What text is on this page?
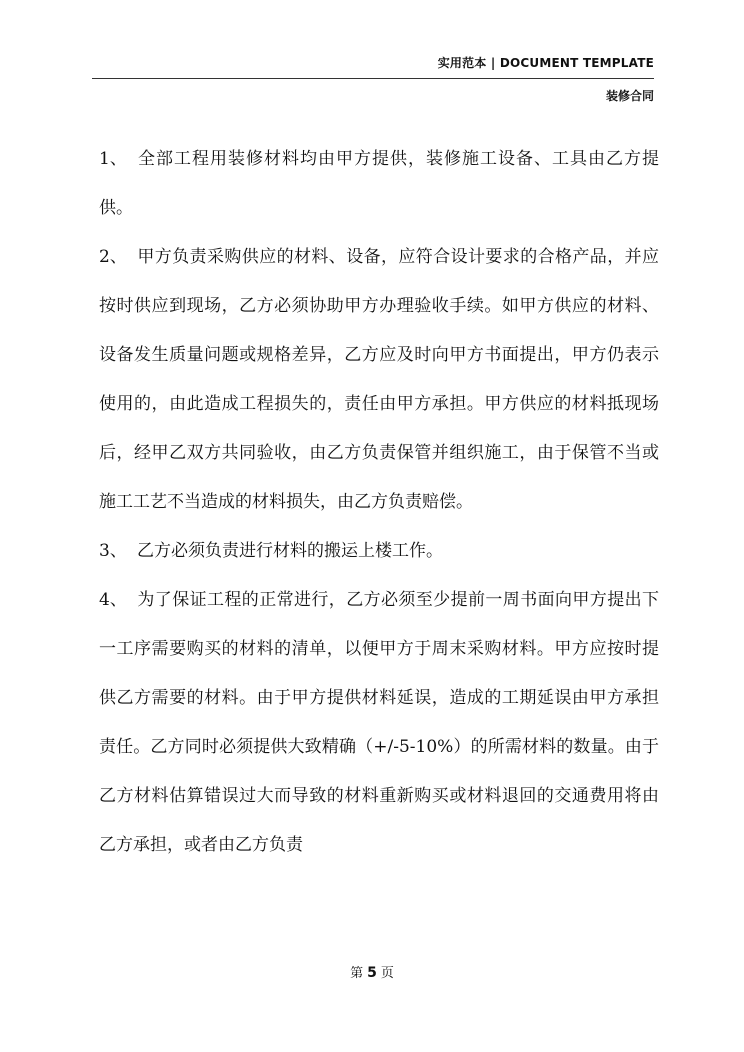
实用范本 | DOCUMENT TEMPLATE
装修合同

1、 全部工程用装修材料均由甲方提供，装修施工设备、工具由乙方提供。

2、 甲方负责采购供应的材料、设备，应符合设计要求的合格产品，并应按时供应到现场，乙方必须协助甲方办理验收手续。如甲方供应的材料、设备发生质量问题或规格差异，乙方应及时向甲方书面提出，甲方仍表示使用的，由此造成工程损失的，责任由甲方承担。甲方供应的材料抵现场后，经甲乙双方共同验收，由乙方负责保管并组织施工，由于保管不当或施工工艺不当造成的材料损失，由乙方负责赔偿。

3、 乙方必须负责进行材料的搬运上楼工作。

4、 为了保证工程的正常进行，乙方必须至少提前一周书面向甲方提出下一工序需要购买的材料的清单，以便甲方于周末采购材料。甲方应按时提供乙方需要的材料。由于甲方提供材料延误，造成的工期延误由甲方承担责任。乙方同时必须提供大致精确（+/-5-10%）的所需材料的数量。由于乙方材料估算错误过大而导致的材料重新购买或材料退回的交通费用将由乙方承担，或者由乙方负责

第 5 页
